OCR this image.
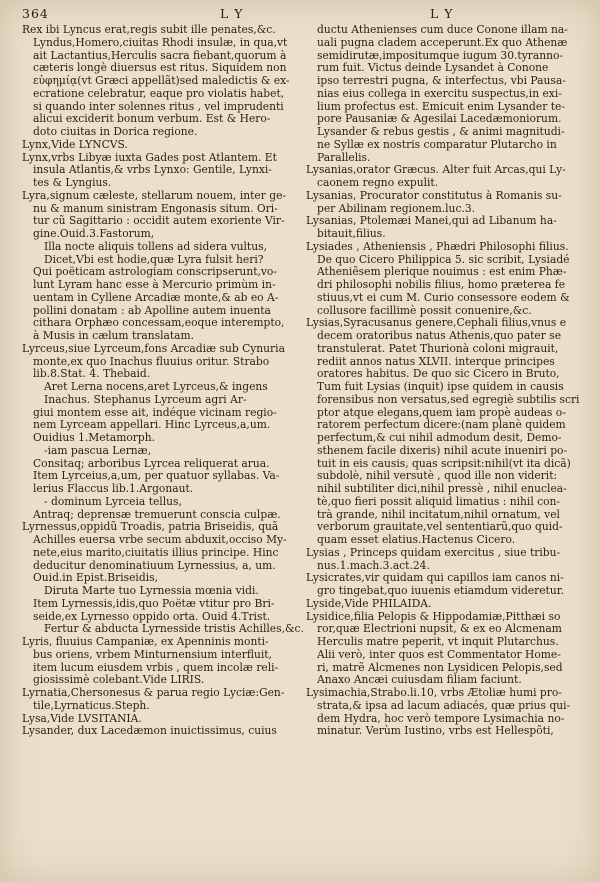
364	L Y	L Y
Rex ibi Lyncus erat,regis subit ille penates,&c.
Lyndus,Homero,ciuitas Rhodi insulæ, in qua,vt
ait Lactantius,Herculis sacra fiebant,quorum à
cæteris longè diuersus est ritus. Siquidem non
εὐφημίᾳ(vt Græci appellãt)sed maledictis & ex-
ecratione celebratur, eaque pro violatis habet,
si quando inter solennes ritus , vel imprudenti
alicui exciderit bonum verbum. Est & Hero-
doto ciuitas in Dorica regione.
Lynx,Vide LYNCVS.
Lynx,vrbs Libyæ iuxta Gades post Atlantem. Et
insula Atlantis,& vrbs Lynxo: Gentile, Lynxi-
tes & Lyngius.
Lyra,signum cæleste, stellarum nouem, inter ge-
nu & manum sinistram Engonasis situm. Ori-
tur cũ Sagittario : occidit autem exoriente Vir-
gine.Ouid.3.Fastorum,
Illa nocte aliquis tollens ad sidera vultus,
Dicet,Vbi est hodie,quæ Lyra fulsit heri?
Qui poëticam astrologiam conscripserunt,vo-
lunt Lyram hanc esse à Mercurio primùm in-
uentam in Cyllene Arcadiæ monte,& ab eo A-
pollini donatam : ab Apolline autem inuenta
cithara Orphæo concessam,eoque interempto,
à Musis in cælum translatam.
Lyrceus,siue Lyrceum,fons Arcadiæ sub Cynuria
monte,ex quo Inachus fluuius oritur. Strabo
lib.8.Stat. 4. Thebaid.
Aret Lerna nocens,aret Lyrceus,& ingens
Inachus. Stephanus Lyrceum agri Ar-
giui montem esse ait, indéque vicinam regio-
nem Lyrceam appellari. Hinc Lyrceus,a,um.
Ouidius 1.Metamorph.
-iam pascua Lernæ,
Consitaq; arboribus Lyrcea reliquerat arua.
Item Lyrceius,a,um, per quatuor syllabas. Va-
lerius Flaccus lib.1.Argonaut.
- dominum Lyrceia tellus,
Antraq; deprensæ tremuerunt conscia culpæ.
Lyrnessus,oppidũ Troadis, patria Briseidis, quã
Achilles euersa vrbe secum abduxit,occiso My-
nete,eius marito,ciuitatis illius principe. Hinc
deducitur denominatiuum Lyrnessius, a, um.
Ouid.in Epist.Briseidis,
Diruta Marte tuo Lyrnessia mœnia vidi.
Item Lyrnessis,idis,quo Poëtæ vtitur pro Bri-
seide,ex Lyrnesso oppido orta. Ouid 4.Trist.
Fertur & abducta Lyrnesside tristis Achilles,&c.
Lyris, fluuius Campaniæ, ex Apenninis monti-
bus oriens, vrbem Minturnensium interfluit,
item lucum eiusdem vrbis , quem incolæ reli-
giosissimè colebant.Vide LIRIS.
Lyrnatia,Chersonesus & parua regio Lyciæ:Gen-
tile,Lyrnaticus.Steph.
Lysa,Vide LVSITANIA.
Lysander, dux Lacedæmon inuictissimus, cuius
ductu Athenienses cum duce Conone illam na-
uali pugna cladem acceperunt.Ex quo Athenæ
semidirutæ,impositumque iugum 30.tyranno-
rum fuit. Victus deinde Lysandet à Conone
ipso terrestri pugna, & interfectus, vbi Pausa-
nias eius collega in exercitu suspectus,in exi-
lium profectus est. Emicuit enim Lysander te-
pore Pausaniæ & Agesilai Lacedæmoniorum.
Lysander & rebus gestis , & animi magnitudi-
ne Syllæ ex nostris comparatur Plutarcho in
Parallelis.
Lysanias,orator Græcus. Alter fuit Arcas,qui Ly-
caonem regno expulit.
Lysanias, Procurator constitutus à Romanis su-
per Abilinam regionem.luc.3.
Lysanias, Ptolemæi Manei,qui ad Libanum ha-
bitauit,filius.
Lysiades , Atheniensis , Phædri Philosophi filius.
De quo Cicero Philippica 5. sic scribit, Lysiadé
Atheniẽsem plerique nouimus : est enim Phæ-
dri philosophi nobilis filius, homo præterea fe
stiuus,vt ei cum M. Curio consessore eodem &
collusore facillimè possit conuenire,&c.
Lysias,Syracusanus genere,Cephali filius,vnus e
decem oratoribus natus Athenis,quo pater se
transtulerat. Patet Thurionà coloni migrauit,
rediit annos natus XLVII. interque principes
oratores habitus. De quo sic Cicero in Bruto,
Tum fuit Lysias (inquit) ipse quidem in causis
forensibus non versatus,sed egregiè subtilis scri
ptor atque elegans,quem iam propè audeas o-
ratorem perfectum dicere:(nam planè quidem
perfectum,& cui nihil admodum desit, Demo-
sthenem facile dixeris) nihil acute inueniri po-
tuit in eis causis, quas scripsit:nihil(vt ita dicã)
subdolè, nihil versutè , quod ille non viderit:
nihil subtiliter dici,nihil pressè , nihil enuclea-
tè,quo fieri possit aliquid limatius : nihil con-
trà grande, nihil incitatum,nihil ornatum, vel
verborum grauitate,vel sententiarũ,quo quid-
quam esset elatius.Hactenus Cicero.
Lysias , Princeps quidam exercitus , siue tribu-
nus.1.mach.3.act.24.
Lysicrates,vir quidam qui capillos iam canos ni-
gro tingebat,quo iuuenis etiamdum videretur.
Lyside,Vide PHILAIDA.
Lysidice,filia Pelopis & Hippodamiæ,Pitthæi so
ror,quæ Electrioni nupsit, & ex eo Alcmenam
Herculis matre peperit, vt inquit Plutarchus.
Alii verò, inter quos est Commentator Home-
ri, matrẽ Alcmenes non Lysidicen Pelopis,sed
Anaxo Ancæi cuiusdam filiam faciunt.
Lysimachia,Strabo.li.10, vrbs Ætoliæ humi pro-
strata,& ipsa ad lacum adiacés, quæ prius qui-
dem Hydra, hoc verò tempore Lysimachia no-
minatur. Verùm Iustino, vrbs est Hellespõti,
